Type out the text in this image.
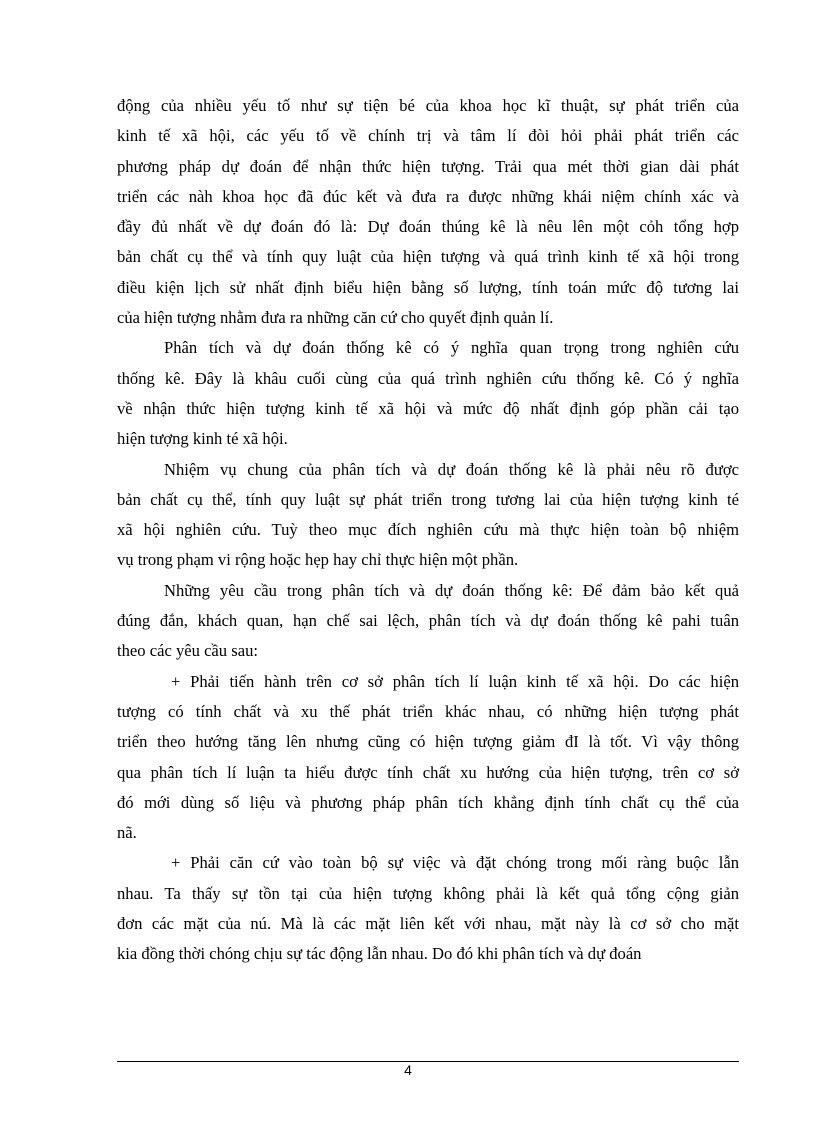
động của nhiều yếu tố như sự tiện bé của khoa học kĩ thuật, sự phát triển của
kinh tế xã hội, các yếu tố về chính trị và tâm lí đòi hỏi phải phát triển các
phương pháp dự đoán để nhận thức hiện tượng. Trải qua mét thời gian dài phát
triển các nàh khoa học đã đúc kết và đưa ra được những khái niệm chính xác và
đầy đủ nhất về dự đoán đó là: Dự đoán thúng kê là nêu lên một cỏh tổng hợp
bản chất cụ thể và tính quy luật của hiện tượng và quá trình kinh tế xã hội trong
điều kiện lịch sử nhất định biểu hiện bằng số lượng, tính toán mức độ tương lai
của hiện tượng nhằm đưa ra những căn cứ cho quyết định quản lí.

Phân tích và dự đoán thống kê có ý nghĩa quan trọng trong nghiên cứu
thống kê. Đây là khâu cuối cùng của quá trình nghiên cứu thống kê. Có ý nghĩa
về nhận thức hiện tượng kinh tế xã hội và mức độ nhất định góp phần cải tạo
hiện tượng kinh té xã hội.

Nhiệm vụ chung của phân tích và dự đoán thống kê là phải nêu rõ được
bản chất cụ thể, tính quy luật sự phát triển trong tương lai của hiện tượng kinh té
xã hội nghiên cứu. Tuỳ theo mục đích nghiên cứu mà thực hiện toàn bộ nhiệm
vụ trong phạm vi rộng hoặc hẹp hay chỉ thực hiện một phần.

Những yêu cầu trong phân tích và dự đoán thống kê: Để đảm bảo kết quả
đúng đắn, khách quan, hạn chế sai lệch, phân tích và dự đoán thống kê pahi tuân
theo các yêu cầu sau:

+ Phải tiến hành trên cơ sở phân tích lí luận kinh tế xã hội. Do các hiện
tượng có tính chất và xu thế phát triển khác nhau, có những hiện tượng phát
triển theo hướng tăng lên nhưng cũng có hiện tượng giảm đI là tốt. Vì vậy thông
qua phân tích lí luận ta hiểu được tính chất xu hướng của hiện tượng, trên cơ sở
đó mới dùng số liệu và phương pháp phân tích khẳng định tính chất cụ thể của
nã.

+ Phải căn cứ vào toàn bộ sự việc và đặt chóng trong mối ràng buộc lẫn
nhau. Ta thấy sự tồn tại của hiện tượng không phải là kết quả tổng cộng giản
đơn các mặt của nú. Mà là các mặt liên kết với nhau, mặt này là cơ sở cho mặt
kia đồng thời chóng chịu sự tác động lẫn nhau. Do đó khi phân tích và dự đoán

4
